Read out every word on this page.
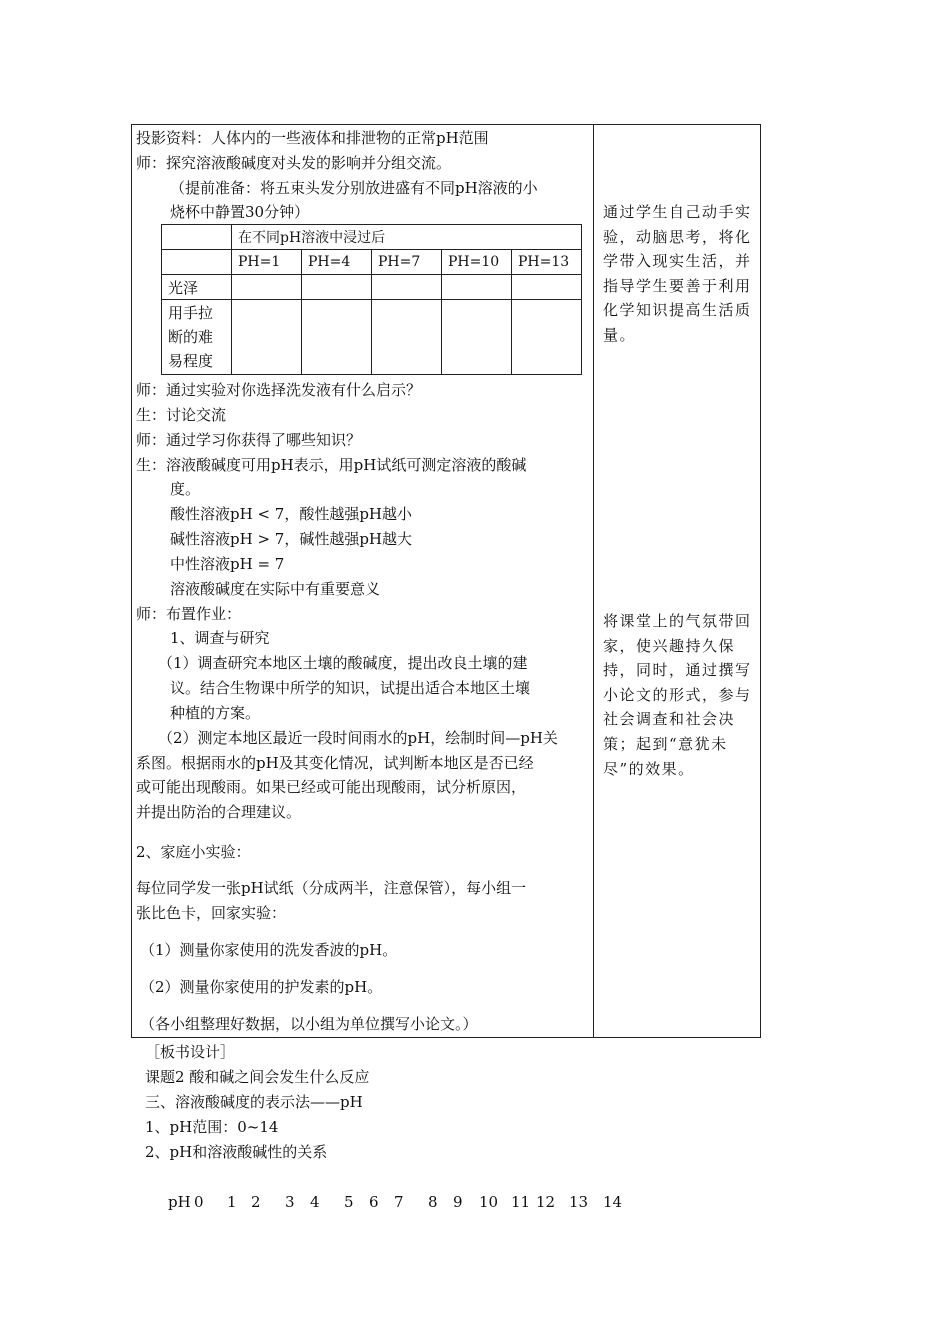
投影资料：人体内的一些液体和排泄物的正常pH范围
师：探究溶液酸碱度对头发的影响并分组交流。
（提前准备：将五束头发分别放进盛有不同pH溶液的小
烧杯中静置30分钟）
	在不同pH溶液中浸过后				
	PH=1	PH=4	PH=7	PH=10	PH=13
光泽					

用手拉
断的难
易程度					

师：通过实验对你选择洗发液有什么启示？
生：讨论交流
师：通过学习你获得了哪些知识？
生：溶液酸碱度可用pH表示，用pH试纸可测定溶液的酸碱
度。
酸性溶液pH < 7，酸性越强pH越小
碱性溶液pH > 7，碱性越强pH越大
中性溶液pH = 7
溶液酸碱度在实际中有重要意义
师：布置作业：
1、调查与研究
（1）调查研究本地区土壤的酸碱度，提出改良土壤的建
议。结合生物课中所学的知识，试提出适合本地区土壤
种植的方案。
（2）测定本地区最近一段时间雨水的pH，绘制时间—pH关
系图。根据雨水的pH及其变化情况，试判断本地区是否已经
或可能出现酸雨。如果已经或可能出现酸雨，试分析原因，
并提出防治的合理建议。
2、家庭小实验：
每位同学发一张pH试纸（分成两半，注意保管），每小组一
张比色卡，回家实验：
（1）测量你家使用的洗发香波的pH。
（2）测量你家使用的护发素的pH。
（各小组整理好数据，以小组为单位撰写小论文。）
通过学生自己动手实验，动脑思考，将化学带入现实生活，并指导学生要善于利用化学知识提高生活质量。
将课堂上的气氛带回家，使兴趣持久保持，同时，通过撰写小论文的形式，参与社会调查和社会决策；起到“意犹未尽”的效果。
［板书设计］
课题2 酸和碱之间会发生什么反应
三、溶液酸碱度的表示法——pH
1、pH范围：0~14
2、pH和溶液酸碱性的关系
pH 0 1 2 3 4 5 6 7 8 9 10 11 12 13 14
